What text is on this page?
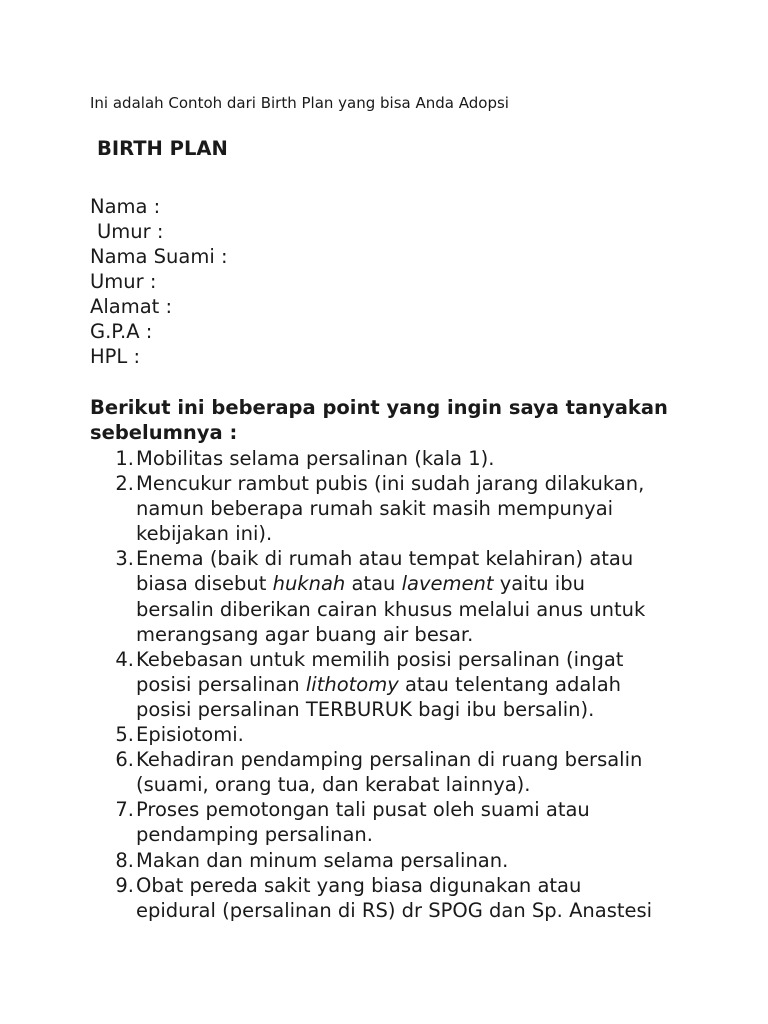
Ini adalah Contoh dari Birth Plan yang bisa Anda Adopsi
BIRTH PLAN
Nama :
Umur :
Nama Suami :
Umur :
Alamat :
G.P.A :
HPL :
Berikut ini beberapa point yang ingin saya tanyakan sebelumnya :
1. Mobilitas selama persalinan (kala 1).
2. Mencukur rambut pubis (ini sudah jarang dilakukan,
namun beberapa rumah sakit masih mempunyai
kebijakan ini).
3. Enema (baik di rumah atau tempat kelahiran) atau
biasa disebut huknah atau lavement yaitu ibu
bersalin diberikan cairan khusus melalui anus untuk
merangsang agar buang air besar.
4. Kebebasan untuk memilih posisi persalinan (ingat
posisi persalinan lithotomy atau telentang adalah
posisi persalinan TERBURUK bagi ibu bersalin).
5. Episiotomi.
6. Kehadiran pendamping persalinan di ruang bersalin
(suami, orang tua, dan kerabat lainnya).
7. Proses pemotongan tali pusat oleh suami atau
pendamping persalinan.
8. Makan dan minum selama persalinan.
9. Obat pereda sakit yang biasa digunakan atau
epidural (persalinan di RS) dr SPOG dan Sp. Anastesi
